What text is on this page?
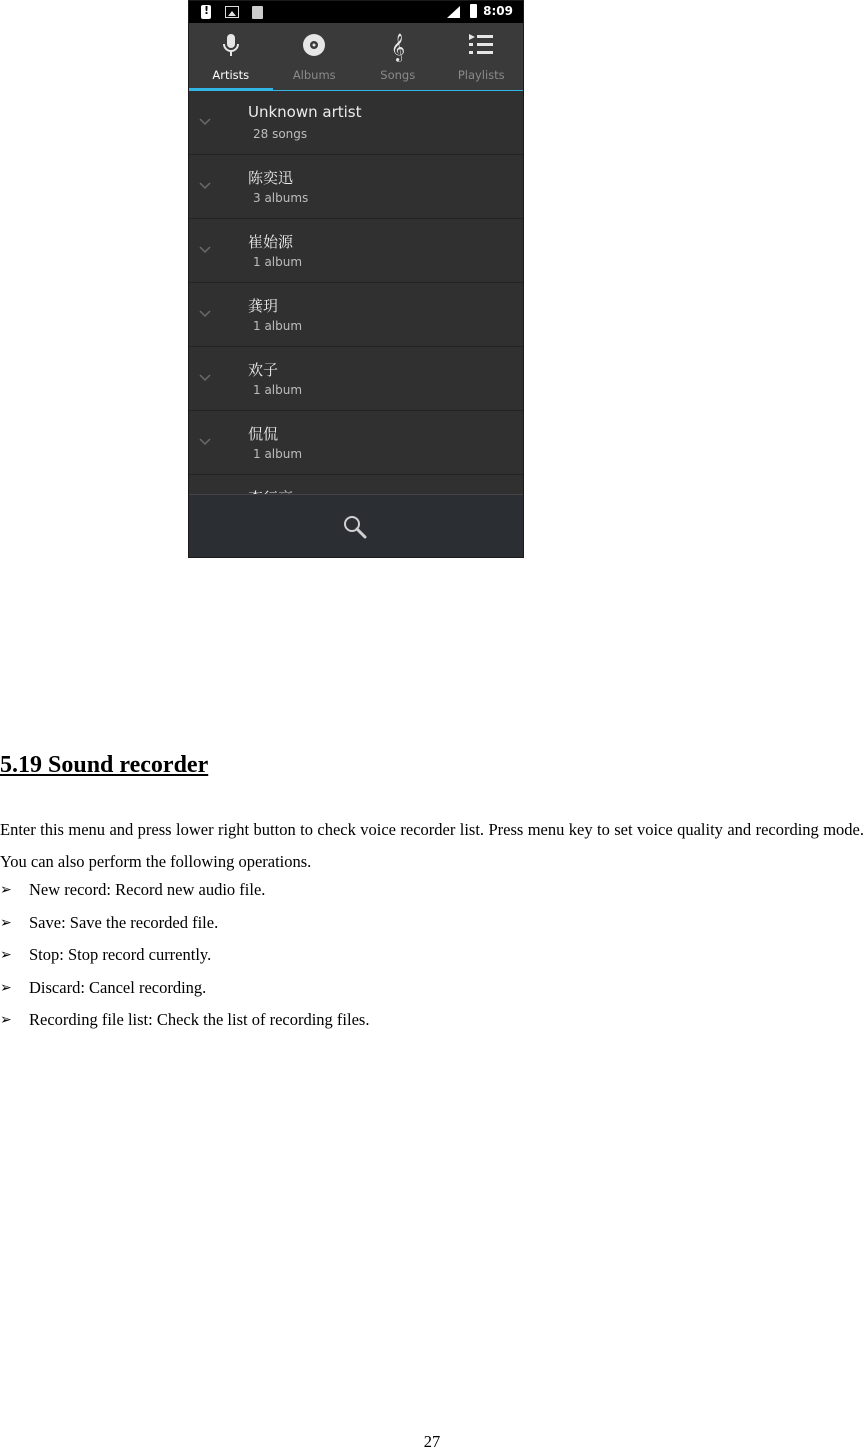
!
8:09
Artists	Albums
𝄞
Songs	Playlists
Unknown artist
28 songs
陈奕迅
3 albums
崔始源
1 album
龚玥
1 album
欢子
1 album
侃侃
1 album
5.19 Sound recorder

Enter this menu and press lower right button to check voice recorder list. Press menu key to set voice quality and recording mode. You can also perform the following operations.

➢ New record: Record new audio file.
➢ Save: Save the recorded file.
➢ Stop: Stop record currently.
➢ Discard: Cancel recording.
➢ Recording file list: Check the list of recording files.
27
